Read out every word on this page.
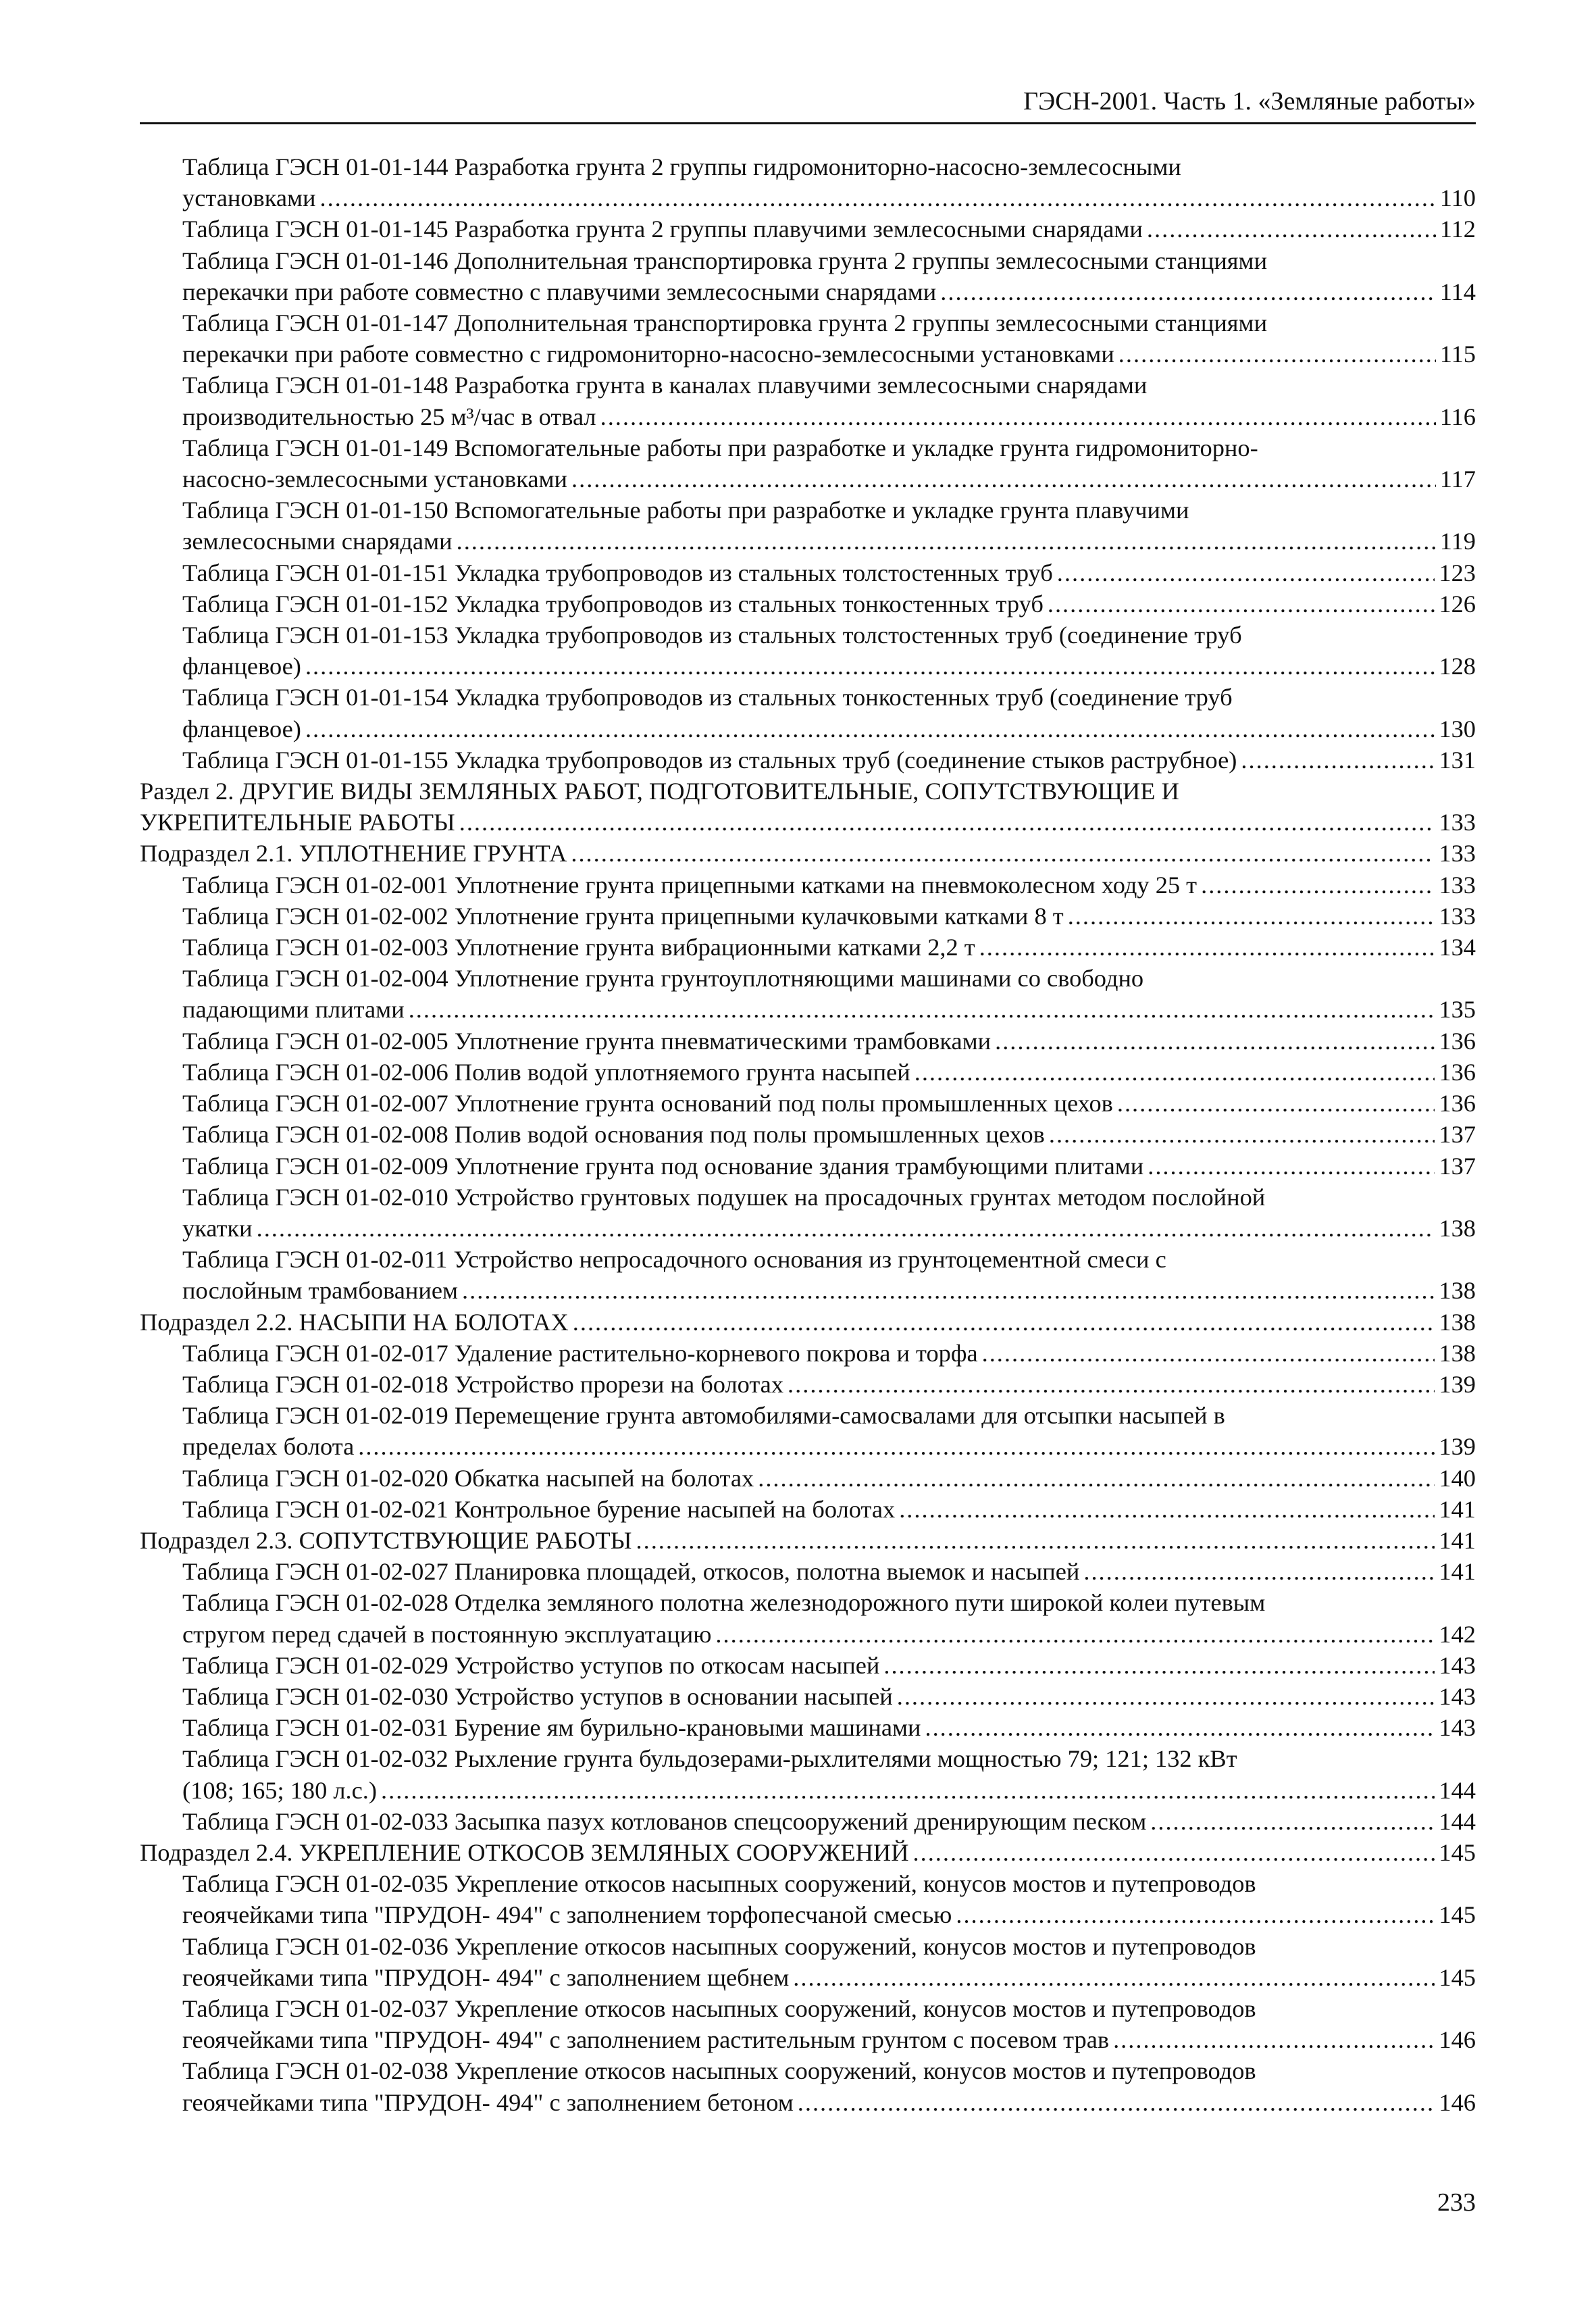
ГЭСН-2001. Часть 1. «Земляные работы»
Таблица ГЭСН 01-01-144 Разработка грунта 2 группы гидромониторно-насосно-землесосными
установками .....	110
Таблица ГЭСН 01-01-145 Разработка грунта 2 группы плавучими землесосными снарядами .....	112
Таблица ГЭСН 01-01-146 Дополнительная транспортировка грунта 2 группы землесосными станциями
перекачки при работе совместно с плавучими землесосными снарядами .....	114
Таблица ГЭСН 01-01-147 Дополнительная транспортировка грунта 2 группы землесосными станциями
перекачки при работе совместно с гидромониторно-насосно-землесосными установками .....	115
Таблица ГЭСН 01-01-148 Разработка грунта в каналах плавучими землесосными снарядами
производительностью 25 м³/час в отвал .....	116
Таблица ГЭСН 01-01-149 Вспомогательные работы при разработке и укладке грунта гидромониторно-
насосно-землесосными установками .....	117
Таблица ГЭСН 01-01-150 Вспомогательные работы при разработке и укладке грунта плавучими
землесосными снарядами .....	119
Таблица ГЭСН 01-01-151 Укладка трубопроводов из стальных толстостенных труб .....	123
Таблица ГЭСН 01-01-152 Укладка трубопроводов из стальных тонкостенных труб .....	126
Таблица ГЭСН 01-01-153 Укладка трубопроводов из стальных толстостенных труб (соединение труб
фланцевое) .....	128
Таблица ГЭСН 01-01-154 Укладка трубопроводов из стальных тонкостенных труб (соединение труб
фланцевое) .....	130
Таблица ГЭСН 01-01-155 Укладка трубопроводов из стальных труб (соединение стыков раструбное) .....	131
Раздел 2. ДРУГИЕ ВИДЫ ЗЕМЛЯНЫХ РАБОТ, ПОДГОТОВИТЕЛЬНЫЕ, СОПУТСТВУЮЩИЕ И
УКРЕПИТЕЛЬНЫЕ РАБОТЫ .....	133
Подраздел 2.1. УПЛОТНЕНИЕ ГРУНТА .....	133
Таблица ГЭСН 01-02-001 Уплотнение грунта прицепными катками на пневмоколесном ходу 25 т .....	133
Таблица ГЭСН 01-02-002 Уплотнение грунта прицепными кулачковыми катками 8 т .....	133
Таблица ГЭСН 01-02-003 Уплотнение грунта вибрационными катками 2,2 т .....	134
Таблица ГЭСН 01-02-004 Уплотнение грунта грунтоуплотняющими машинами со свободно
падающими плитами .....	135
Таблица ГЭСН 01-02-005 Уплотнение грунта пневматическими трамбовками .....	136
Таблица ГЭСН 01-02-006 Полив водой уплотняемого грунта насыпей .....	136
Таблица ГЭСН 01-02-007 Уплотнение грунта оснований под полы промышленных цехов .....	136
Таблица ГЭСН 01-02-008 Полив водой основания под полы промышленных цехов .....	137
Таблица ГЭСН 01-02-009 Уплотнение грунта под основание здания трамбующими плитами .....	137
Таблица ГЭСН 01-02-010 Устройство грунтовых подушек на просадочных грунтах методом послойной
укатки .....	138
Таблица ГЭСН 01-02-011 Устройство непросадочного основания из грунтоцементной смеси с
послойным трамбованием .....	138
Подраздел 2.2. НАСЫПИ НА БОЛОТАХ .....	138
Таблица ГЭСН 01-02-017 Удаление растительно-корневого покрова и торфа .....	138
Таблица ГЭСН 01-02-018 Устройство прорези на болотах .....	139
Таблица ГЭСН 01-02-019 Перемещение грунта автомобилями-самосвалами для отсыпки насыпей в
пределах болота .....	139
Таблица ГЭСН 01-02-020 Обкатка насыпей на болотах .....	140
Таблица ГЭСН 01-02-021 Контрольное бурение насыпей на болотах .....	141
Подраздел 2.3. СОПУТСТВУЮЩИЕ РАБОТЫ .....	141
Таблица ГЭСН 01-02-027 Планировка площадей, откосов, полотна выемок и насыпей .....	141
Таблица ГЭСН 01-02-028 Отделка земляного полотна железнодорожного пути широкой колеи путевым
стругом перед сдачей в постоянную эксплуатацию .....	142
Таблица ГЭСН 01-02-029 Устройство уступов по откосам насыпей .....	143
Таблица ГЭСН 01-02-030 Устройство уступов в основании насыпей .....	143
Таблица ГЭСН 01-02-031 Бурение ям бурильно-крановыми машинами .....	143
Таблица ГЭСН 01-02-032 Рыхление грунта бульдозерами-рыхлителями мощностью 79; 121; 132 кВт
(108; 165; 180 л.с.) .....	144
Таблица ГЭСН 01-02-033 Засыпка пазух котлованов спецсооружений дренирующим песком .....	144
Подраздел 2.4. УКРЕПЛЕНИЕ ОТКОСОВ ЗЕМЛЯНЫХ СООРУЖЕНИЙ .....	145
Таблица ГЭСН 01-02-035 Укрепление откосов насыпных сооружений, конусов мостов и путепроводов
геоячейками типа "ПРУДОН- 494" с заполнением торфопесчаной смесью .....	145
Таблица ГЭСН 01-02-036 Укрепление откосов насыпных сооружений, конусов мостов и путепроводов
геоячейками типа "ПРУДОН- 494" с заполнением щебнем .....	145
Таблица ГЭСН 01-02-037 Укрепление откосов насыпных сооружений, конусов мостов и путепроводов
геоячейками типа "ПРУДОН- 494" с заполнением растительным грунтом с посевом трав .....	146
Таблица ГЭСН 01-02-038 Укрепление откосов насыпных сооружений, конусов мостов и путепроводов
геоячейками типа "ПРУДОН- 494" с заполнением бетоном .....	146
233
